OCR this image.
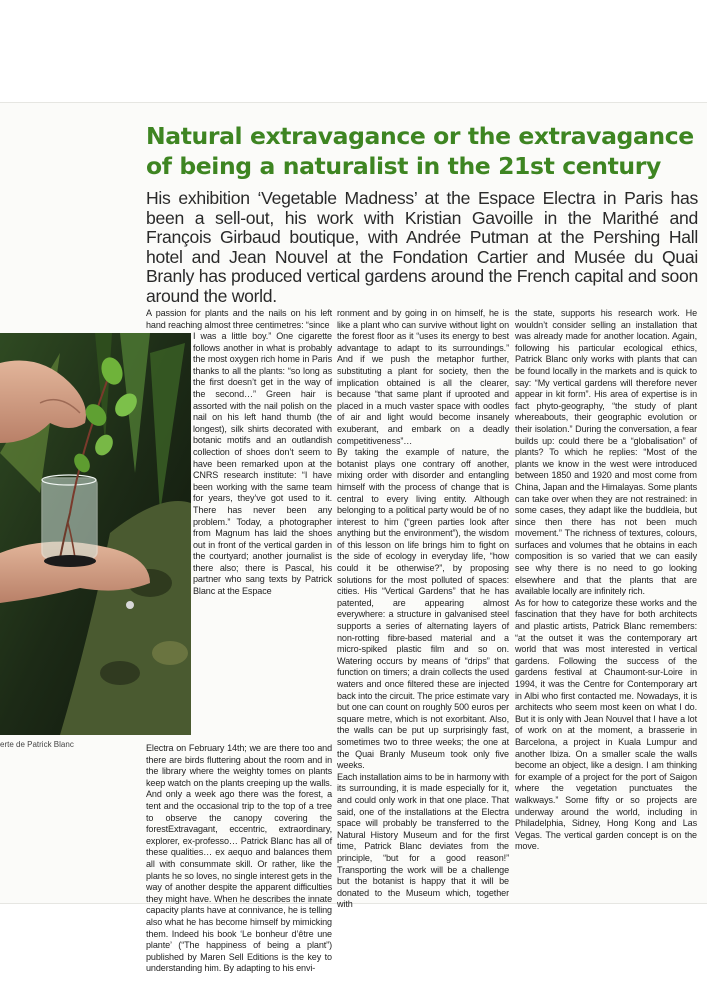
Natural extravagance or the extravagance of being a naturalist in the 21st century

His exhibition ‘Vegetable Madness’ at the Espace Electra in Paris has been a sell-out, his work with Kristian Gavoille in the Marithé and François Girbaud boutique, with Andrée Putman at the Pershing Hall hotel and Jean Nouvel at the Fondation Cartier and Musée du Quai Branly has produced vertical gardens around the French capital and soon around the world.

A passion for plants and the nails on his left hand reaching almost three centimetres: “since

I was a little boy.” One cigarette follows another in what is probably the most oxygen rich home in Paris thanks to all the plants: “so long as the first doesn’t get in the way of the second…” Green hair is assorted with the nail polish on the nail on his left hand thumb (the longest), silk shirts decorated with botanic motifs and an outlandish collection of shoes don’t seem to have been remarked upon at the CNRS research institute: “I have been working with the same team for years, they’ve got used to it. There has never been any problem.” Today, a photographer from Magnum has laid the shoes out in front of the vertical garden in the courtyard; another journalist is there also; there is Pascal, his partner who sang texts by Patrick Blanc at the Espace

erte de Patrick Blanc	Electra on February 14th; we are there too and there are birds fluttering about the room and in the library where the weighty tomes on plants keep watch on the plants creeping up the walls. And only a week ago there was the forest, a tent and the occasional trip to the top of a tree to observe the canopy covering the forestExtravagant, eccentric, extraordinary, explorer, ex-professo… Patrick Blanc has all of these qualities… ex aequo and balances them all with consummate skill. Or rather, like the plants he so loves, no single interest gets in the way of another despite the apparent difficulties they might have. When he describes the innate capacity plants have at connivance, he is telling also what he has become himself by mimicking them. Indeed his book ‘Le bonheur d’être une plante’ (“The happiness of being a plant”) published by Maren Sell Editions is the key to understanding him. By adapting to his envi-

ronment and by going in on himself, he is like a plant who can survive without light on the forest floor as it “uses its energy to best advantage to adapt to its surroundings.” And if we push the metaphor further, substituting a plant for society, then the implication obtained is all the clearer, because “that same plant if uprooted and placed in a much vaster space with oodles of air and light would become insanely exuberant, and embark on a deadly competitiveness”…

By taking the example of nature, the botanist plays one contrary off another, mixing order with disorder and entangling himself with the process of change that is central to every living entity. Although belonging to a political party would be of no interest to him (“green parties look after anything but the environment”), the wisdom of this lesson on life brings him to fight on the side of ecology in everyday life, “how could it be otherwise?”, by proposing solutions for the most polluted of spaces: cities. His “Vertical Gardens” that he has patented, are appearing almost everywhere: a structure in galvanised steel supports a series of alternating layers of non-rotting fibre-based material and a micro-spiked plastic film and so on. Watering occurs by means of “drips” that function on timers; a drain collects the used waters and once filtered these are injected back into the circuit. The price estimate vary but one can count on roughly 500 euros per square metre, which is not exorbitant. Also, the walls can be put up surprisingly fast, sometimes two to three weeks; the one at the Quai Branly Museum took only five weeks.

Each installation aims to be in harmony with its surrounding, it is made especially for it, and could only work in that one place. That said, one of the installations at the Electra space will probably be transferred to the Natural History Museum and for the first time, Patrick Blanc deviates from the principle, “but for a good reason!” Transporting the work will be a challenge but the botanist is happy that it will be donated to the Museum which, together with

the state, supports his research work. He wouldn’t consider selling an installation that was already made for another location. Again, following his particular ecological ethics, Patrick Blanc only works with plants that can be found locally in the markets and is quick to say: “My vertical gardens will therefore never appear in kit form”. His area of expertise is in fact phyto-geography, “the study of plant whereabouts, their geographic evolution or their isolation.” During the conversation, a fear builds up: could there be a “globalisation” of plants? To which he replies: “Most of the plants we know in the west were introduced between 1850 and 1920 and most come from China, Japan and the Himalayas. Some plants can take over when they are not restrained: in some cases, they adapt like the buddleia, but since then there has not been much movement.” The richness of textures, colours, surfaces and volumes that he obtains in each composition is so varied that we can easily see why there is no need to go looking elsewhere and that the plants that are available locally are infinitely rich.

As for how to categorize these works and the fascination that they have for both architects and plastic artists, Patrick Blanc remembers: “at the outset it was the contemporary art world that was most interested in vertical gardens. Following the success of the gardens festival at Chaumont-sur-Loire in 1994, it was the Centre for Contemporary art in Albi who first contacted me. Nowadays, it is architects who seem most keen on what I do. But it is only with Jean Nouvel that I have a lot of work on at the moment, a brasserie in Barcelona, a project in Kuala Lumpur and another Ibiza. On a smaller scale the walls become an object, like a design. I am thinking for example of a project for the port of Saigon where the vegetation punctuates the walkways.” Some fifty or so projects are underway around the world, including in Philadelphia, Sidney, Hong Kong and Las Vegas. The vertical garden concept is on the move.
